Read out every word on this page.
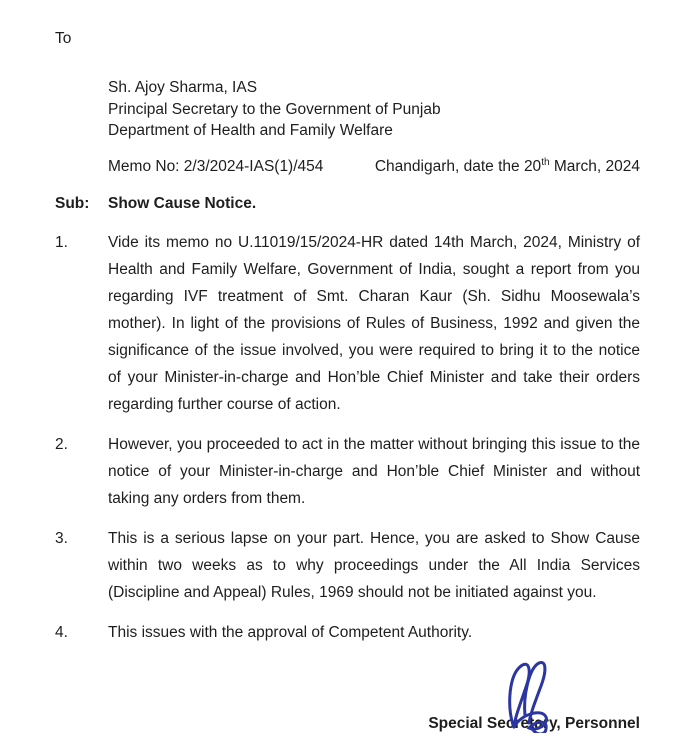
To
Sh. Ajoy Sharma, IAS
Principal Secretary to the Government of Punjab
Department of Health and Family Welfare
Memo No: 2/3/2024-IAS(1)/454	Chandigarh, date the 20th March, 2024
Sub:	Show Cause Notice.
1.	Vide its memo no U.11019/15/2024-HR dated 14th March, 2024, Ministry of Health and Family Welfare, Government of India, sought a report from you regarding IVF treatment of Smt. Charan Kaur (Sh. Sidhu Moosewala’s mother). In light of the provisions of Rules of Business, 1992 and given the significance of the issue involved, you were required to bring it to the notice of your Minister-in-charge and Hon’ble Chief Minister and take their orders regarding further course of action.
2.	However, you proceeded to act in the matter without bringing this issue to the notice of your Minister-in-charge and Hon’ble Chief Minister and without taking any orders from them.
3.	This is a serious lapse on your part. Hence, you are asked to Show Cause within two weeks as to why proceedings under the All India Services (Discipline and Appeal) Rules, 1969 should not be initiated against you.
4.	This issues with the approval of Competent Authority.
Special Secretary, Personnel
